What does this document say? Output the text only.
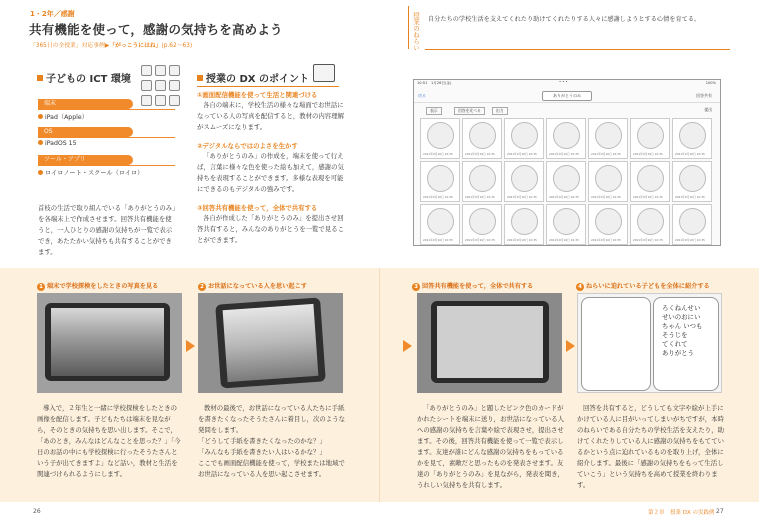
1・2年／感謝
共有機能を使って，感謝の気持ちを高めよう
「365日の全授業」対応事例▶「がっこうにはね」(p.62〜63)	授業のねらい 自分たちの学校生活を支えてくれたり助けてくれたりする人々に感謝しようとする心情を育てる。
子どもの ICT 環境
端末
iPad（Apple）
OS
iPadOS 15
ツール・アプリ
ロイロノート・スクール（ロイロ）
首枝の生活で取り組んでいる「ありがとうのみ」を各端末上で作成させます。回答共有機能を使うと，一人ひとりの感謝の気持ちが一覧で表示でき，あたたかい気持ちも共有することができます。
授業の DX のポイント
①画面配信機能を使って生活と関連づける
各自の端末に，学校生活の様々な場面でお世話になっている人の写真を配信すると，教材の内容理解がスムーズになります。
②デジタルならではのよさを生かす
「ありがとうのみ」の作成を，端末を使って行えば，言葉に様々な色を使った絵も加えて，感謝の気持ちを表現することができます。多様な表現を可能にできるのもデジタルの強みです。
③回答共有機能を使って，全体で共有する
各自が作成した「ありがとうのみ」を提出させ回答共有すると，みんなのありがとうを一覧で見ることができます。
10:51　1月26日(金)	• • •	100%
戻る	ありがとうのみ	回答共有
表示	回答を比べる	出力	提出
2021年9月16日 10:35	2021年9月16日 10:35	2021年9月16日 10:35	2021年9月16日 10:35	2021年9月16日 10:35	2021年9月16日 10:35	2021年9月16日 10:35
2021年9月16日 10:35	2021年9月16日 10:35	2021年9月16日 10:35	2021年9月16日 10:35	2021年9月16日 10:35	2021年9月16日 10:35	2021年9月16日 10:35
2021年9月16日 10:35	2021年9月16日 10:35	2021年9月16日 10:35	2021年9月16日 10:35	2021年9月16日 10:35	2021年9月16日 10:35	2021年9月16日 10:35
1 端末で学校探検をしたときの写真を見る
導入で，２年生と一緒に学校探検をしたときの画像を配信します。子どもたちは端末を見ながら，そのときの気持ちを思い出します。そこで，「あのとき，みんなはどんなことを思った？」「今日のお話の中にも学校探検に行ったそうたさんという子が出てきますよ」など話い，教材と生活を関連づけられるようにします。
2 お世話になっている人を思い起こす
教材の最後で，お世話になっている人たちに手紙を書きたくなったそうたさんに着目し，次のような発問をします。
「どうして手紙を書きたくなったのかな？」
「みんなも手紙を書きたい人はいるかな？」
ここでも画面配信機能を使って，学校または地域でお世話になっている人を思い起こさせます。
3 回答共有機能を使って，全体で共有する
「ありがとうのみ」と題したピンク色のカードがかれたシートを端末に送り，お世話になっている人への感謝の気持ちを言葉や絵で表現させ，提出させます。その後，回答共有機能を使って一覧で表示します。友達が誰にどんな感謝の気持ちをもっているかを見て，素敵だと思ったものを発表させます。友達の「ありがとうのみ」を見ながら，発表を聞き，うれしい気持ちを共有します。
4 ねらいに迫れている子どもを全体に紹介する
ろくねんせい
せいのおにい
ちゃん いつも
そうじを
てくれて
ありがとう
回答を共有すると，どうしても文字や絵が上手にかけている人に目がいってしまいがちですが，本時のねらいである自分たちの学校生活を支えたり，助けてくれたりしている人に感謝の気持ちをもてているかという点に迫れているものを取り上げ，全体に紹介します。最後に「感謝の気持ちをもって生活していこう」という気持ちを高めて授業を終わります。
26	第２章　授業 DX の実践例 27
